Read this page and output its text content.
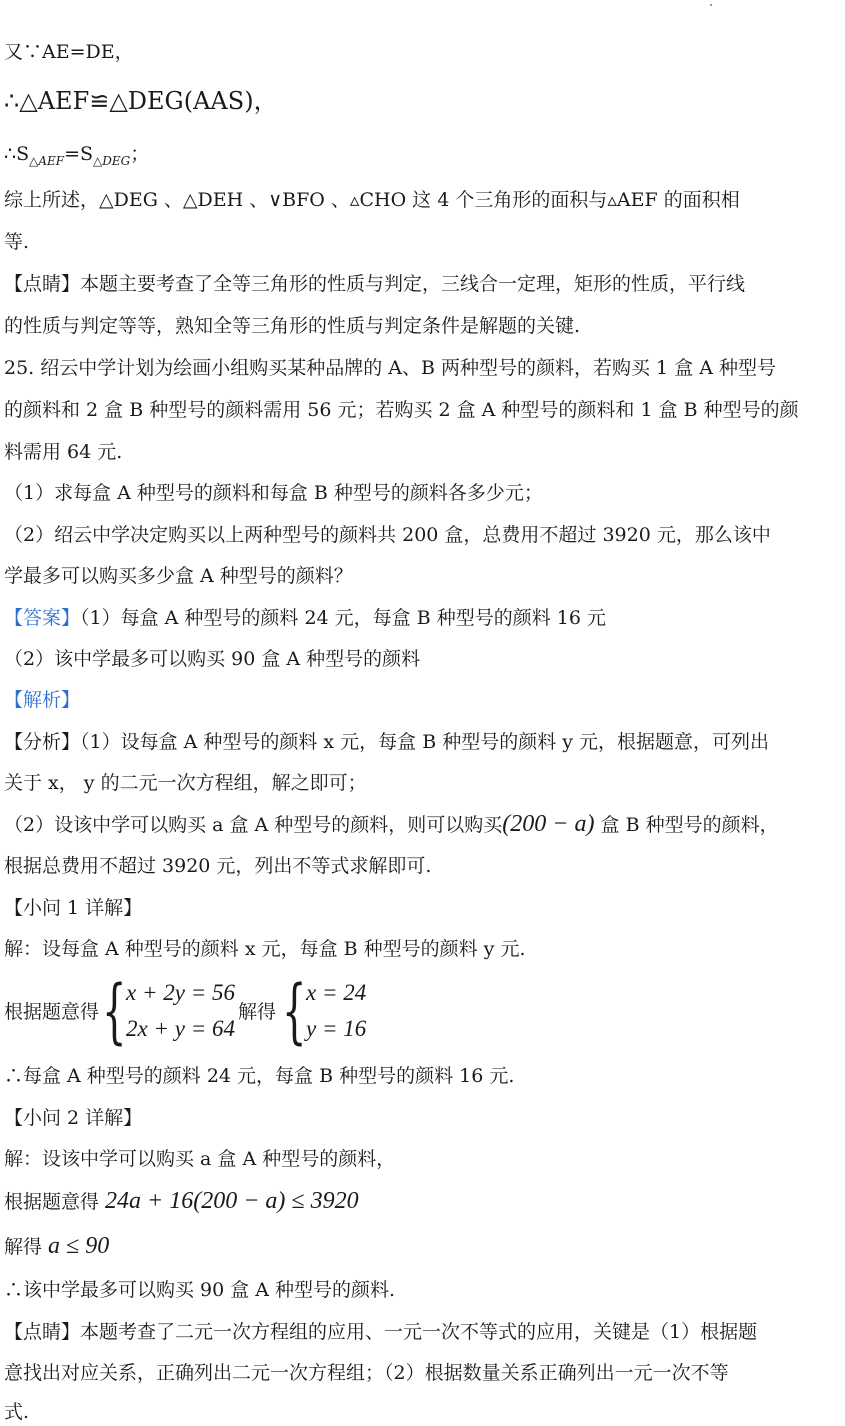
又∵AE=DE，
∴△AEF≌△DEG(AAS)，
$\therefore S_{\triangle AEF}=S_{\triangle DEG}$；
综上所述，△DEG 、△DEH 、∨BFO 、▵CHO 这 4 个三角形的面积与▵AEF 的面积相
等.
【点睛】本题主要考查了全等三角形的性质与判定，三线合一定理，矩形的性质，平行线
的性质与判定等等，熟知全等三角形的性质与判定条件是解题的关键.
25. 绍云中学计划为绘画小组购买某种品牌的 A、B 两种型号的颜料，若购买 1 盒 A 种型号
的颜料和 2 盒 B 种型号的颜料需用 56 元；若购买 2 盒 A 种型号的颜料和 1 盒 B 种型号的颜
料需用 64 元.
（1）求每盒 A 种型号的颜料和每盒 B 种型号的颜料各多少元；
（2）绍云中学决定购买以上两种型号的颜料共 200 盒，总费用不超过 3920 元，那么该中
学最多可以购买多少盒 A 种型号的颜料？
【答案】（1）每盒 A 种型号的颜料 24 元，每盒 B 种型号的颜料 16 元
（2）该中学最多可以购买 90 盒 A 种型号的颜料
【解析】
【分析】（1）设每盒 A 种型号的颜料 x 元，每盒 B 种型号的颜料 y 元，根据题意，可列出
关于 x， y 的二元一次方程组，解之即可；
（2）设该中学可以购买 a 盒 A 种型号的颜料，则可以购买(200 − a) 盒 B 种型号的颜料，
根据总费用不超过 3920 元，列出不等式求解即可.
【小问 1 详解】
解：设每盒 A 种型号的颜料 x 元，每盒 B 种型号的颜料 y 元.
根据题意得 { x + 2y = 56
2x + y = 64
解得 { x = 24
y = 16
∴每盒 A 种型号的颜料 24 元，每盒 B 种型号的颜料 16 元.
【小问 2 详解】
解：设该中学可以购买 a 盒 A 种型号的颜料，
根据题意得 24a + 16(200 − a) ≤ 3920
解得 a ≤ 90
∴该中学最多可以购买 90 盒 A 种型号的颜料.
【点睛】本题考查了二元一次方程组的应用、一元一次不等式的应用，关键是（1）根据题
意找出对应关系，正确列出二元一次方程组；（2）根据数量关系正确列出一元一次不等
式.
